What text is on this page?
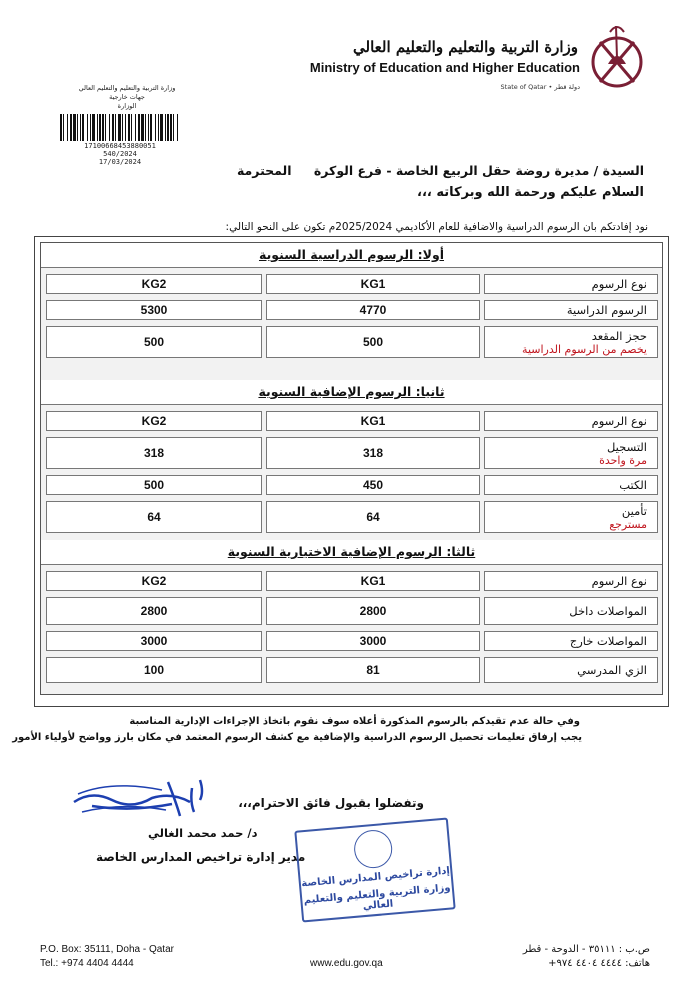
وزارة التربية والتعليم والتعليم العالي
Ministry of Education and Higher Education
State of Qatar • دولة قطر
وزارة التربية والتعليم والتعليم العالي
جهات خارجية
الوزارة
17100668453880051
540/2024
17/03/2024
السيدة / مديرة روضة حقل الربيع الخاصة - فرع الوكرة المحترمة
السلام عليكم ورحمة الله وبركاته ،،،
نود إفادتكم بان الرسوم الدراسية والاضافية للعام الأكاديمي 2025/2024م تكون على النحو التالي:
أولا: الرسوم الدراسية السنوية
نوع الرسوم
KG1
KG2
الرسوم الدراسية
4770
5300
حجز المقعد
يخصم من الرسوم الدراسية
500
500
ثانيا: الرسوم الإضافية السنوية
نوع الرسوم
KG1
KG2
التسجيل
مرة واحدة
318
318
الكتب
450
500
تأمين
مسترجع
64
64
ثالثا: الرسوم الإضافية الاختيارية السنوية
نوع الرسوم
KG1
KG2
المواصلات داخل
2800
2800
المواصلات خارج
3000
3000
الزي المدرسي
81
100
وفي حالة عدم تقيدكم بالرسوم المذكورة أعلاه سوف نقوم باتخاذ الإجراءات الإدارية المناسبة
يجب إرفاق تعليمات تحصيل الرسوم الدراسية والإضافية مع كشف الرسوم المعتمد في مكان بارز وواضح لأولياء الأمور
وتفضلوا بقبول فائق الاحترام،،،
د/ حمد محمد الغالي
مدير إدارة تراخيص المدارس الخاصة
إدارة تراخيص المدارس الخاصة
وزارة التربية والتعليم والتعليم العالي
P.O. Box: 35111, Doha - Qatar
Tel.: +974 4404 4444	www.edu.gov.qa
ص.ب : ٣٥١١١ - الدوحة - قطر
هاتف: ٤٤٤٤ ٤٤٠٤ ٩٧٤+
